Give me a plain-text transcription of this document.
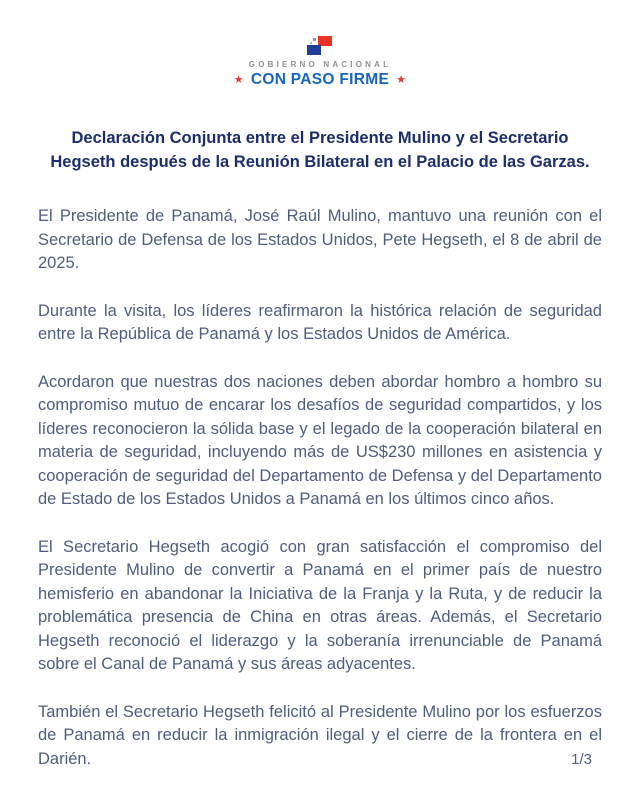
GOBIERNO NACIONAL
★ CON PASO FIRME ★
Declaración Conjunta entre el Presidente Mulino y el Secretario
Hegseth después de la Reunión Bilateral en el Palacio de las Garzas.

El Presidente de Panamá, José Raúl Mulino, mantuvo una reunión con el Secretario de Defensa de los Estados Unidos, Pete Hegseth, el 8 de abril de 2025.

Durante la visita, los líderes reafirmaron la histórica relación de seguridad entre la República de Panamá y los Estados Unidos de América.

Acordaron que nuestras dos naciones deben abordar hombro a hombro su compromiso mutuo de encarar los desafíos de seguridad compartidos, y los líderes reconocieron la sólida base y el legado de la cooperación bilateral en materia de seguridad, incluyendo más de US$230 millones en asistencia y cooperación de seguridad del Departamento de Defensa y del Departamento de Estado de los Estados Unidos a Panamá en los últimos cinco años.

El Secretario Hegseth acogió con gran satisfacción el compromiso del Presidente Mulino de convertir a Panamá en el primer país de nuestro hemisferio en abandonar la Iniciativa de la Franja y la Ruta, y de reducir la problemática presencia de China en otras áreas. Además, el Secretario Hegseth reconoció el liderazgo y la soberanía irrenunciable de Panamá sobre el Canal de Panamá y sus áreas adyacentes.

También el Secretario Hegseth felicitó al Presidente Mulino por los esfuerzos de Panamá en reducir la inmigración ilegal y el cierre de la frontera en el Darién.	1/3
